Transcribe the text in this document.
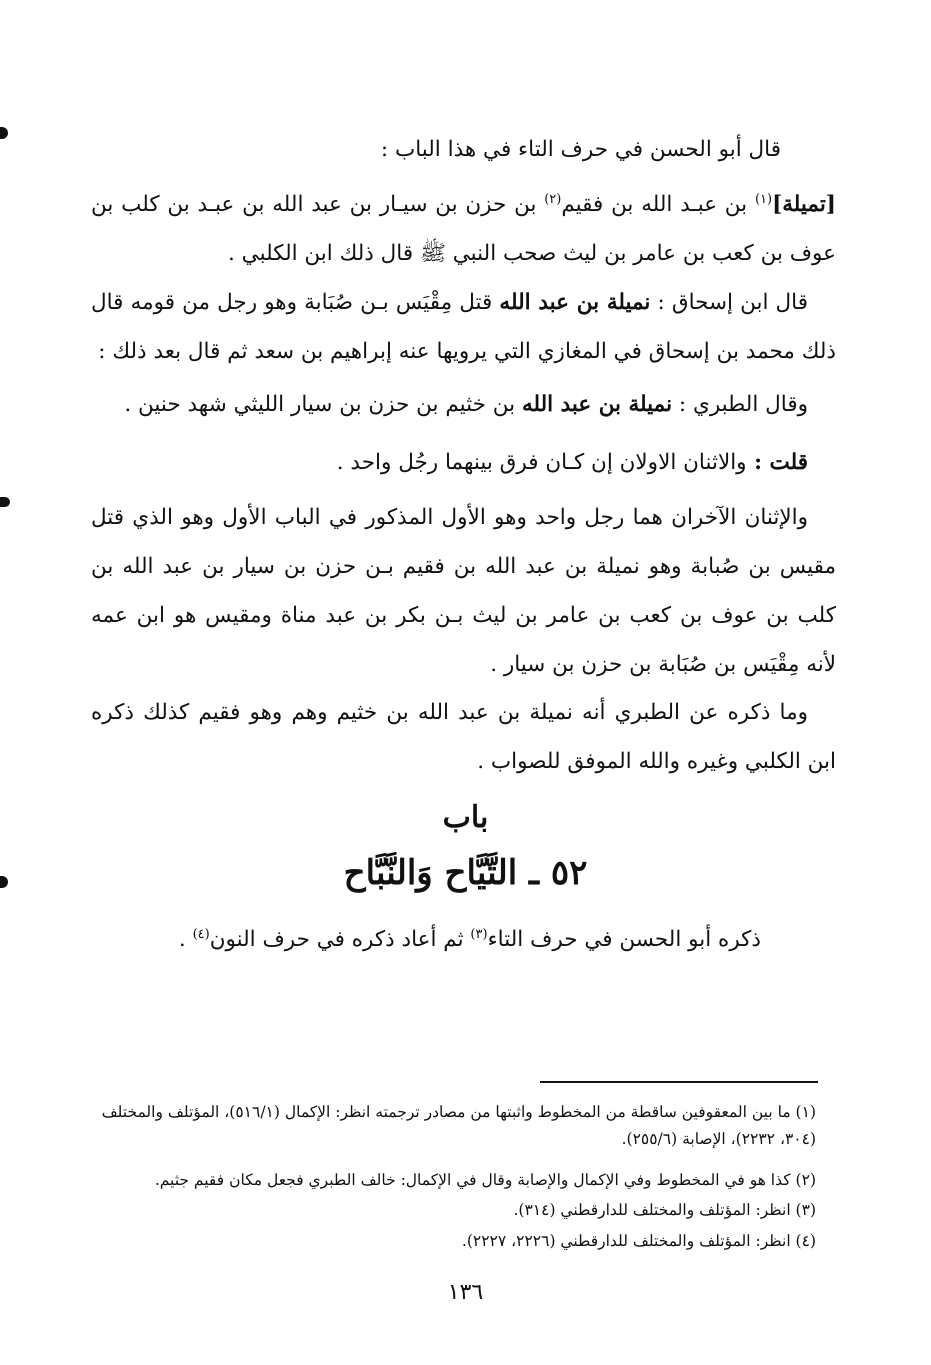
قال أبو الحسن في حرف التاء في هذا الباب :

[تميلة]$^{(١)}$ بن عبـد الله بن فقيم$^{(٢)}$ بن حزن بن سيـار بن عبد الله بن عبـد بن كلب بن عوف بن كعب بن عامر بن ليث صحب النبي ﷺ قال ذلك ابن الكلبي .

قال ابن إسحاق : نميلة بن عبد الله قتل مِقْيَس بـن صُبَابة وهو رجل من قومه قال ذلك محمد بن إسحاق في المغازي التي يرويها عنه إبراهيم بن سعد ثم قال بعد ذلك :

وقال الطبري : نميلة بن عبد الله بن خثيم بن حزن بن سيار الليثي شهد حنين .

قلت : والاثنان الاولان إن كـان فرق بينهما رجُل واحد .

والإثنان الآخران هما رجل واحد وهو الأول المذكور في الباب الأول وهو الذي قتل مقيس بن صُبابة وهو نميلة بن عبد الله بن فقيم بـن حزن بن سيار بن عبد الله بن كلب بن عوف بن كعب بن عامر بن ليث بـن بكر بن عبد مناة ومقيس هو ابن عمه لأنه مِقْيَس بن صُبَابة بن حزن بن سيار .

وما ذكره عن الطبري أنه نميلة بن عبد الله بن خثيم وهم وهو فقيم كذلك ذكره ابن الكلبي وغيره والله الموفق للصواب .

باب
٥٢ ـ التَّيَّاح وَالنَّبَّاح

ذكره أبو الحسن في حرف التاء$^{(٣)}$ ثم أعاد ذكره في حرف النون$^{(٤)}$ .

(١) ما بين المعقوفين ساقطة من المخطوط واثبتها من مصادر ترجمته انظر: الإكمال (٥١٦/١)، المؤتلف والمختلف (٣٠٤، ٢٢٣٢)، الإصابة (٢٥٥/٦).
(٢) كذا هو في المخطوط وفي الإكمال والإصابة وقال في الإكمال: خالف الطبري فجعل مكان فقيم جثيم.
(٣) انظر: المؤتلف والمختلف للدارقطني (٣١٤).
(٤) انظر: المؤتلف والمختلف للدارقطني (٢٢٢٦، ٢٢٢٧).
١٣٦
